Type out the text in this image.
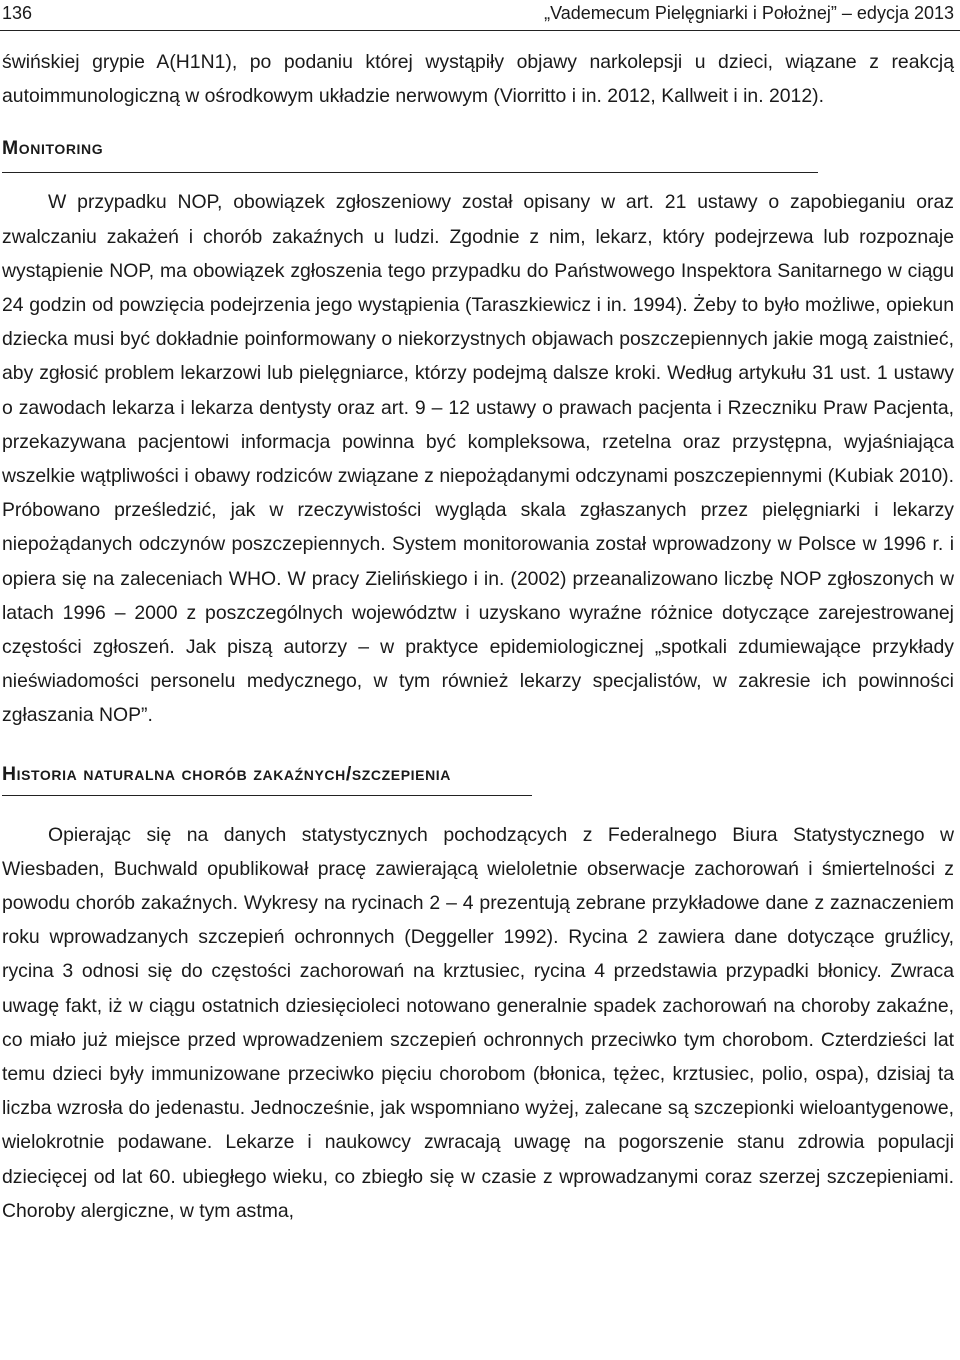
136	„Vademecum Pielęgniarki i Położnej” – edycja 2013

świńskiej grypie A(H1N1), po podaniu której wystąpiły objawy narkolepsji u dzieci, wiązane z reakcją autoimmunologiczną w ośrodkowym układzie nerwowym (Viorritto i in. 2012, Kallweit i in. 2012).

Monitoring

W przypadku NOP, obowiązek zgłoszeniowy został opisany w art. 21 ustawy o zapobieganiu oraz zwalczaniu zakażeń i chorób zakaźnych u ludzi. Zgodnie z nim, lekarz, który podejrzewa lub rozpoznaje wystąpienie NOP, ma obowiązek zgłoszenia tego przypadku do Państwowego Inspektora Sanitarnego w ciągu 24 godzin od powzięcia podejrzenia jego wystąpienia (Taraszkiewicz i in. 1994). Żeby to było możliwe, opiekun dziecka musi być dokładnie poinformowany o niekorzystnych objawach poszczepiennych jakie mogą zaistnieć, aby zgłosić problem lekarzowi lub pielęgniarce, którzy podejmą dalsze kroki. Według artykułu 31 ust. 1 ustawy o zawodach lekarza i lekarza dentysty oraz art. 9 – 12 ustawy o prawach pacjenta i Rzeczniku Praw Pacjenta, przekazywana pacjentowi informacja powinna być kompleksowa, rzetelna oraz przystępna, wyjaśniająca wszelkie wątpliwości i obawy rodziców związane z niepożądanymi odczynami poszczepiennymi (Kubiak 2010). Próbowano prześledzić, jak w rzeczywistości wygląda skala zgłaszanych przez pielęgniarki i lekarzy niepożądanych odczynów poszczepiennych. System monitorowania został wprowadzony w Polsce w 1996 r. i opiera się na zaleceniach WHO. W pracy Zielińskiego i in. (2002) przeanalizowano liczbę NOP zgłoszonych w latach 1996 – 2000 z poszczególnych województw i uzyskano wyraźne różnice dotyczące zarejestrowanej częstości zgłoszeń. Jak piszą autorzy – w praktyce epidemiologicznej „spotkali zdumiewające przykłady nieświadomości personelu medycznego, w tym również lekarzy specjalistów, w zakresie ich powinności zgłaszania NOP”.

Historia naturalna chorób zakaźnych/szczepienia

Opierając się na danych statystycznych pochodzących z Federalnego Biura Statystycznego w Wiesbaden, Buchwald opublikował pracę zawierającą wieloletnie obserwacje zachorowań i śmiertelności z powodu chorób zakaźnych. Wykresy na rycinach 2 – 4 prezentują zebrane przykładowe dane z zaznaczeniem roku wprowadzanych szczepień ochronnych (Deggeller 1992). Rycina 2 zawiera dane dotyczące gruźlicy, rycina 3 odnosi się do częstości zachorowań na krztusiec, rycina 4 przedstawia przypadki błonicy. Zwraca uwagę fakt, iż w ciągu ostatnich dziesięcioleci notowano generalnie spadek zachorowań na choroby zakaźne, co miało już miejsce przed wprowadzeniem szczepień ochronnych przeciwko tym chorobom. Czterdzieści lat temu dzieci były immunizowane przeciwko pięciu chorobom (błonica, tężec, krztusiec, polio, ospa), dzisiaj ta liczba wzrosła do jedenastu. Jednocześnie, jak wspomniano wyżej, zalecane są szczepionki wieloantygenowe, wielokrotnie podawane. Lekarze i naukowcy zwracają uwagę na pogorszenie stanu zdrowia populacji dziecięcej od lat 60. ubiegłego wieku, co zbiegło się w czasie z wprowadzanymi coraz szerzej szczepieniami. Choroby alergiczne, w tym astma,
